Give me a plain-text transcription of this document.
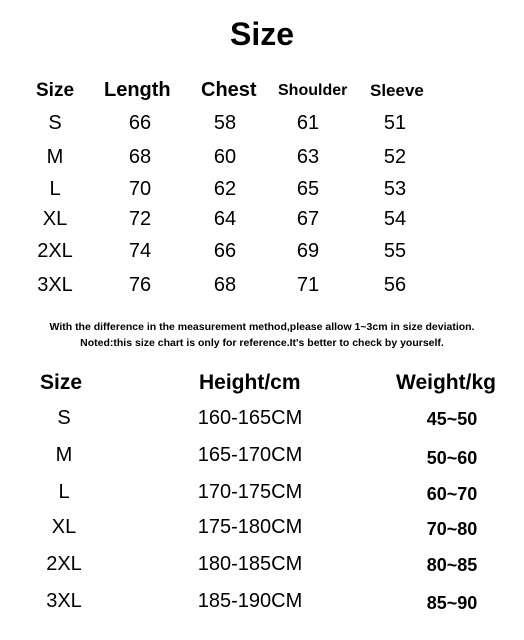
Size
Size Length Chest Shoulder Sleeve
S	66	58	61	51
M	68	60	63	52
L	70	62	65	53
XL	72	64	67	54
2XL	74	66	69	55
3XL	76	68	71	56
With the difference in the measurement method,please allow 1~3cm in size deviation.
Noted:this size chart is only for reference.It's better to check by yourself.
Size	Height/cm	Weight/kg
S	160-165CM	45~50
M	165-170CM	50~60
L	170-175CM	60~70
XL	175-180CM	70~80
2XL	180-185CM	80~85
3XL	185-190CM	85~90
